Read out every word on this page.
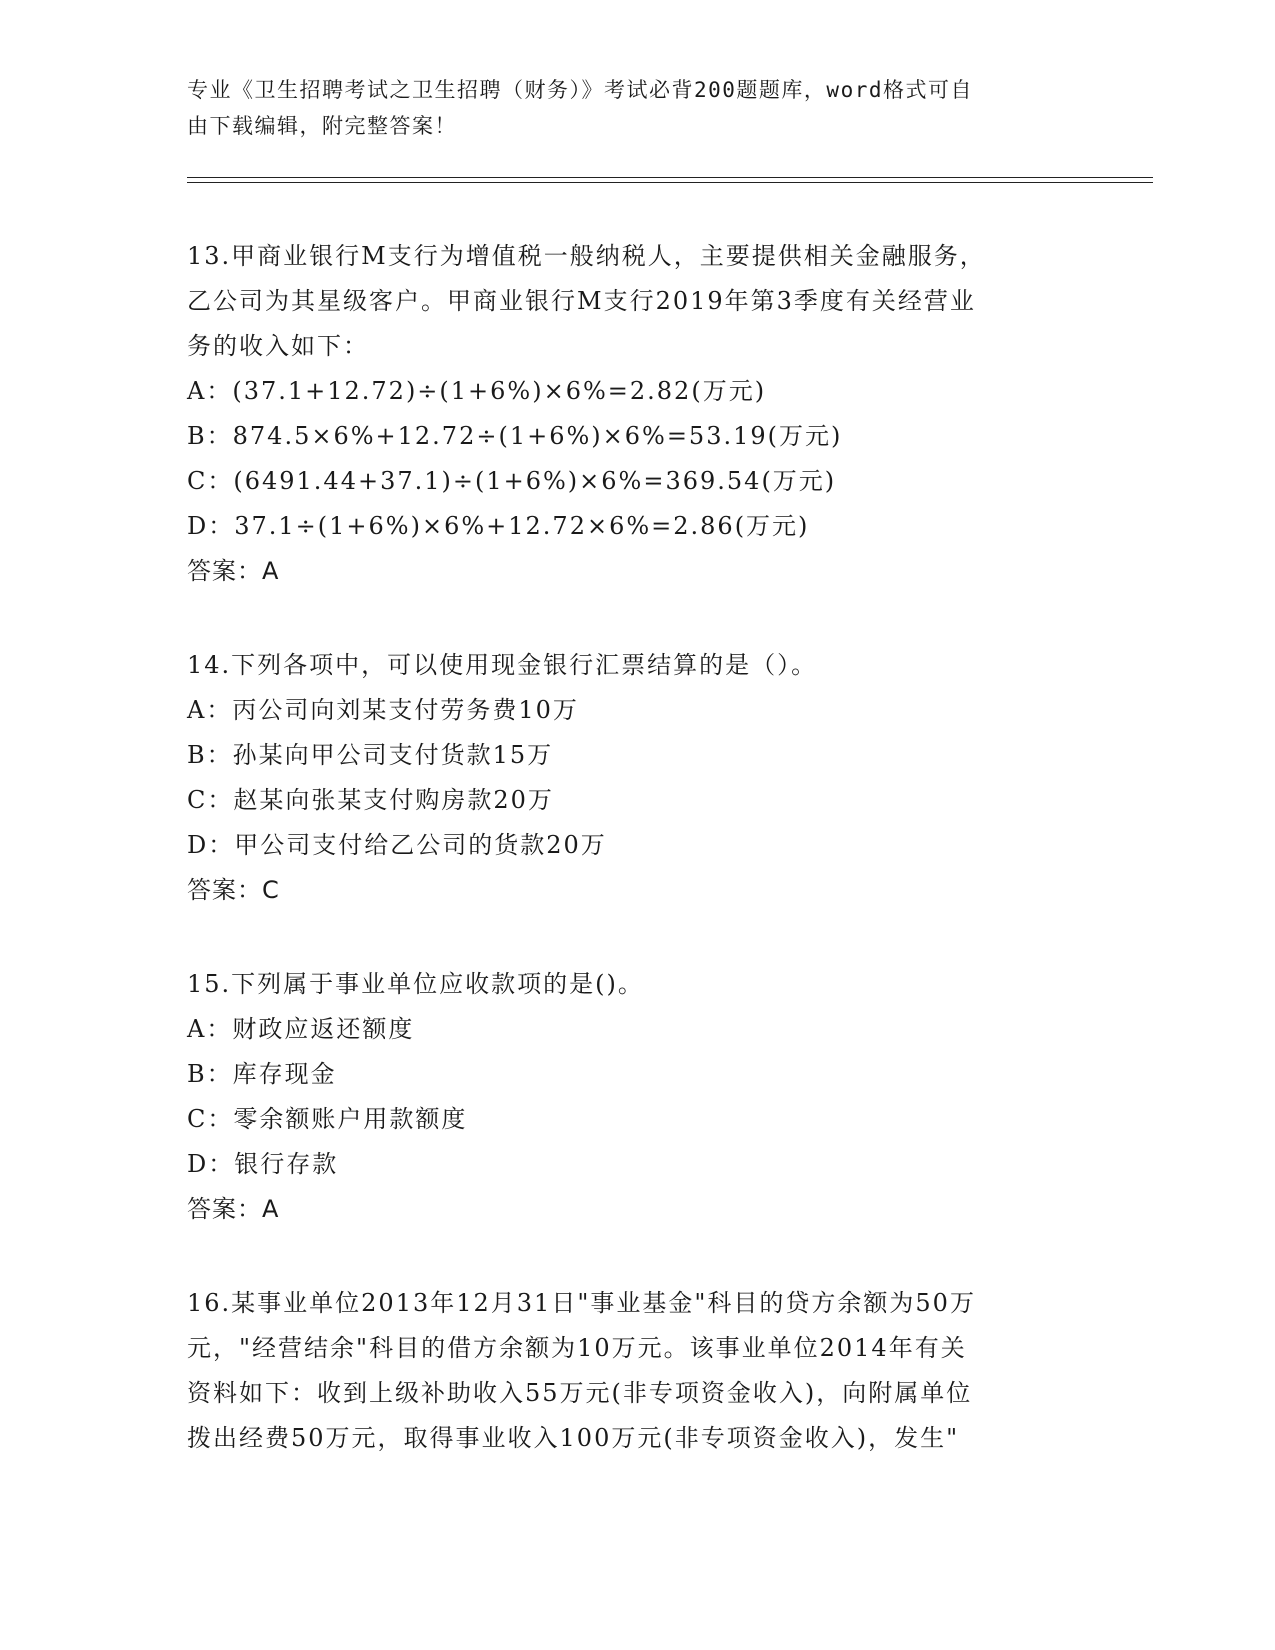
专业《卫生招聘考试之卫生招聘（财务）》考试必背200题题库，word格式可自
由下载编辑，附完整答案！
13.甲商业银行M支行为增值税一般纳税人，主要提供相关金融服务，
乙公司为其星级客户。甲商业银行M支行2019年第3季度有关经营业
务的收入如下：
A：(37.1+12.72)÷(1+6%)×6%=2.82(万元)
B：874.5×6%+12.72÷(1+6%)×6%=53.19(万元)
C：(6491.44+37.1)÷(1+6%)×6%=369.54(万元)
D：37.1÷(1+6%)×6%+12.72×6%=2.86(万元)
答案：A
14.下列各项中，可以使用现金银行汇票结算的是（）。
A：丙公司向刘某支付劳务费10万
B：孙某向甲公司支付货款15万
C：赵某向张某支付购房款20万
D：甲公司支付给乙公司的货款20万
答案：C
15.下列属于事业单位应收款项的是()。
A：财政应返还额度
B：库存现金
C：零余额账户用款额度
D：银行存款
答案：A
16.某事业单位2013年12月31日"事业基金"科目的贷方余额为50万
元，"经营结余"科目的借方余额为10万元。该事业单位2014年有关
资料如下：收到上级补助收入55万元(非专项资金收入)，向附属单位
拨出经费50万元，取得事业收入100万元(非专项资金收入)，发生"
